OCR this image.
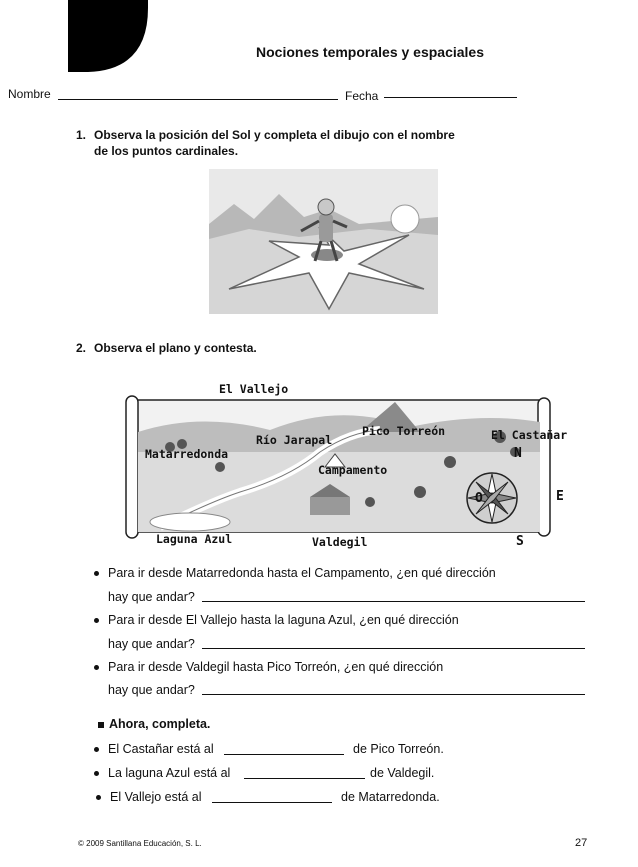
Nociones temporales y espaciales
Nombre	Fecha
1. Observa la posición del Sol y completa el dibujo con el nombre
de los puntos cardinales.
2. Observa el plano y contesta.
El Vallejo
Río Jarapal
Pico Torreón	El Castañar
Matarredonda
Campamento
Laguna Azul	Valdegil
N
O	E
S
Para ir desde Matarredonda hasta el Campamento, ¿en qué dirección
hay que andar?
Para ir desde El Vallejo hasta la laguna Azul, ¿en qué dirección
hay que andar?
Para ir desde Valdegil hasta Pico Torreón, ¿en qué dirección
hay que andar?
Ahora, completa.
El Castañar está al	de Pico Torreón.
La laguna Azul está al	de Valdegil.
El Vallejo está al	de Matarredonda.
© 2009 Santillana Educación, S. L.	27
